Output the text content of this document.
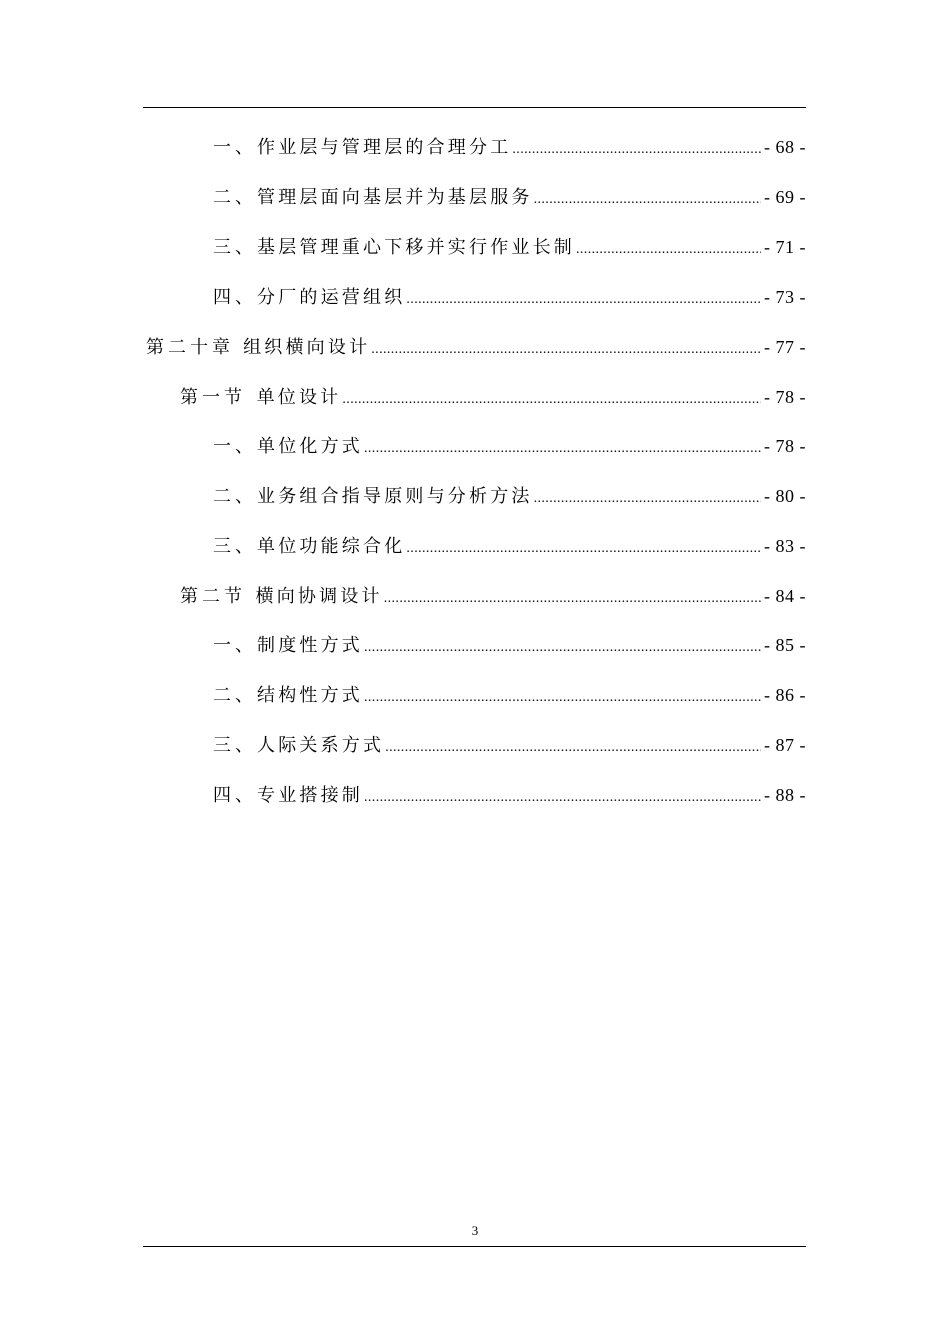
一、 作业层与管理层的合理分工 .....	- 68 -
二、 管理层面向基层并为基层服务 .....	- 69 -
三、 基层管理重心下移并实行作业长制 .....	- 71 -
四、 分厂的运营组织 .....	- 73 -
第二十章 组织横向设计 .....	- 77 -
第一节 单位设计 .....	- 78 -
一、 单位化方式 .....	- 78 -
二、 业务组合指导原则与分析方法 .....	- 80 -
三、 单位功能综合化 .....	- 83 -
第二节 横向协调设计 .....	- 84 -
一、 制度性方式 .....	- 85 -
二、 结构性方式 .....	- 86 -
三、 人际关系方式 .....	- 87 -
四、 专业搭接制 .....	- 88 -
3
